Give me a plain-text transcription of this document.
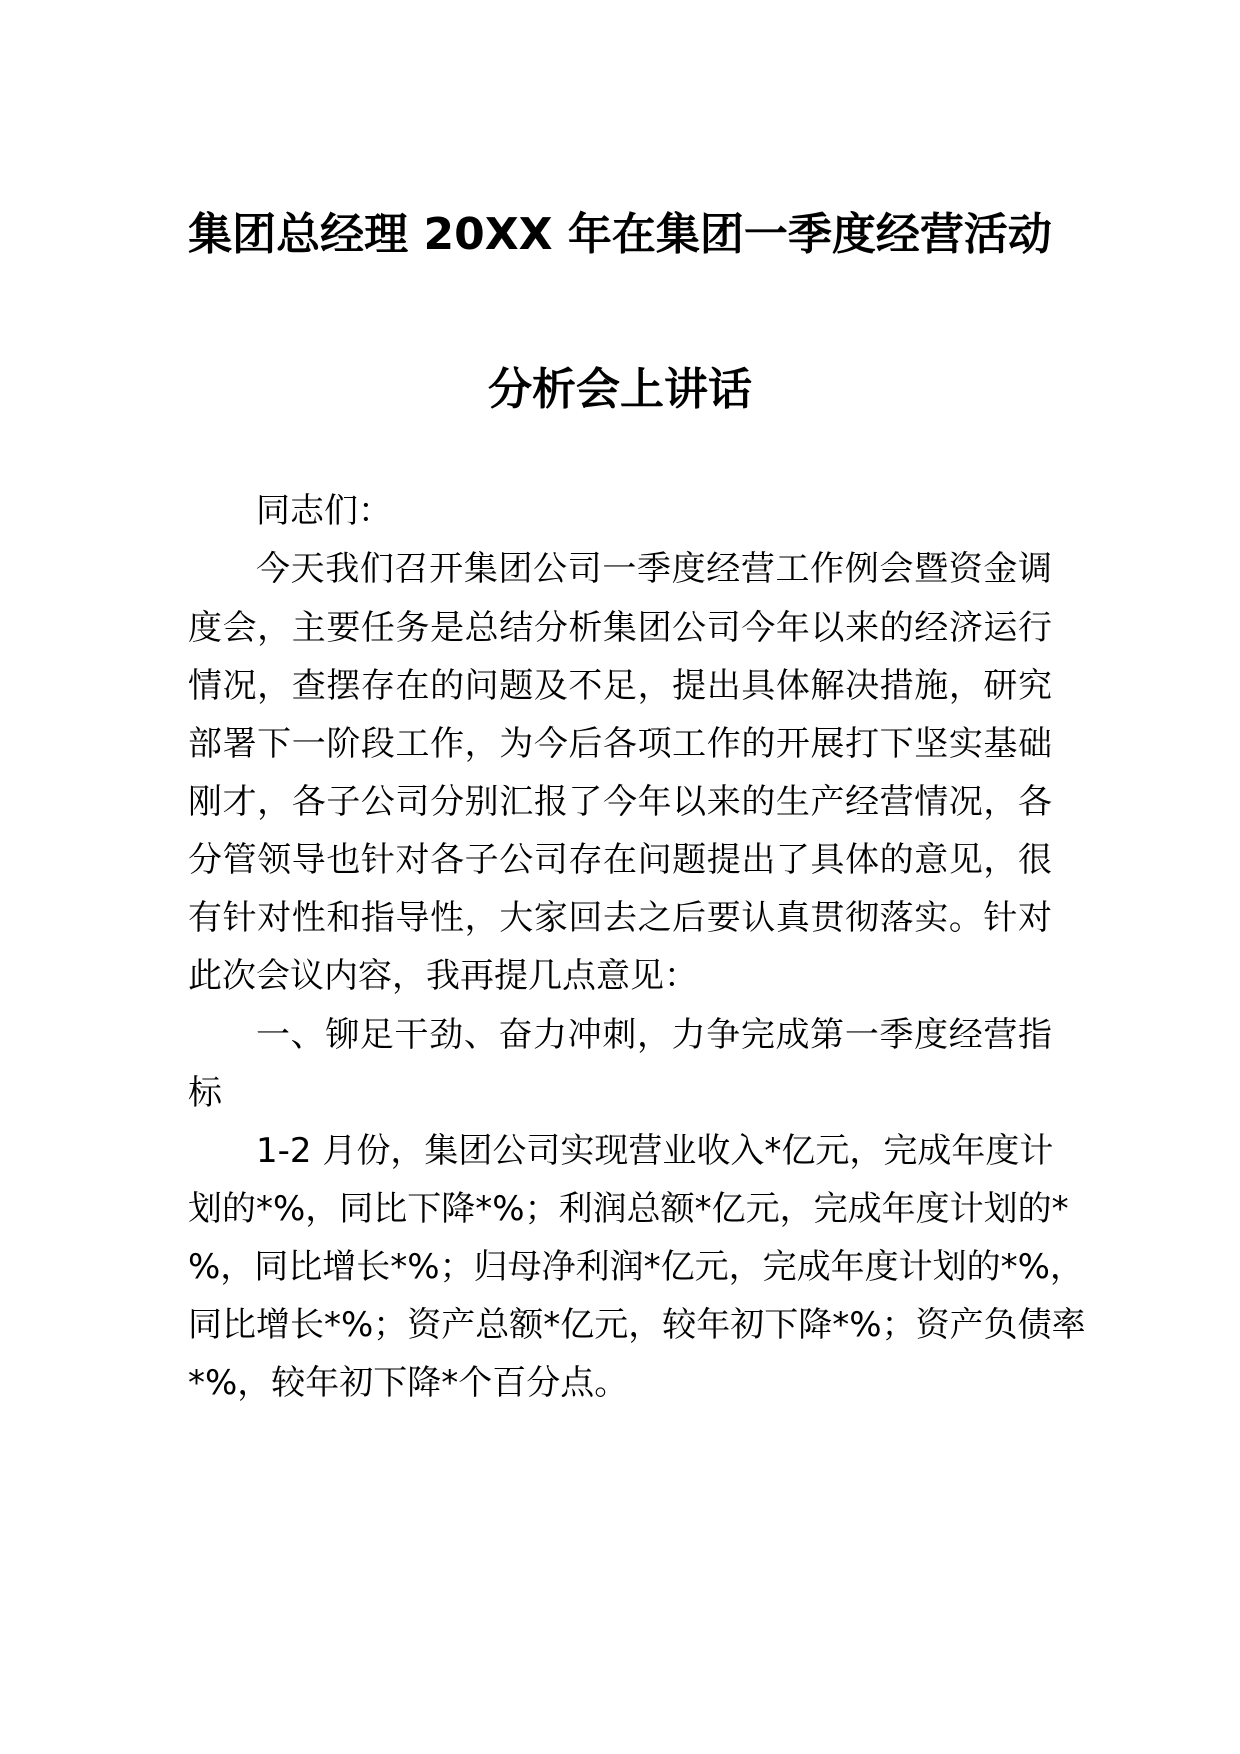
集团总经理 20XX 年在集团一季度经营活动
分析会上讲话
同志们：
今天我们召开集团公司一季度经营工作例会暨资金调
度会，主要任务是总结分析集团公司今年以来的经济运行
情况，查摆存在的问题及不足，提出具体解决措施，研究
部署下一阶段工作，为今后各项工作的开展打下坚实基础
刚才，各子公司分别汇报了今年以来的生产经营情况，各
分管领导也针对各子公司存在问题提出了具体的意见，很
有针对性和指导性，大家回去之后要认真贯彻落实。针对
此次会议内容，我再提几点意见：
一、铆足干劲、奋力冲刺，力争完成第一季度经营指
标
1-2 月份，集团公司实现营业收入*亿元，完成年度计
划的*%，同比下降*%；利润总额*亿元，完成年度计划的*
%，同比增长*%；归母净利润*亿元，完成年度计划的*%，
同比增长*%；资产总额*亿元，较年初下降*%；资产负债率
*%，较年初下降*个百分点。
